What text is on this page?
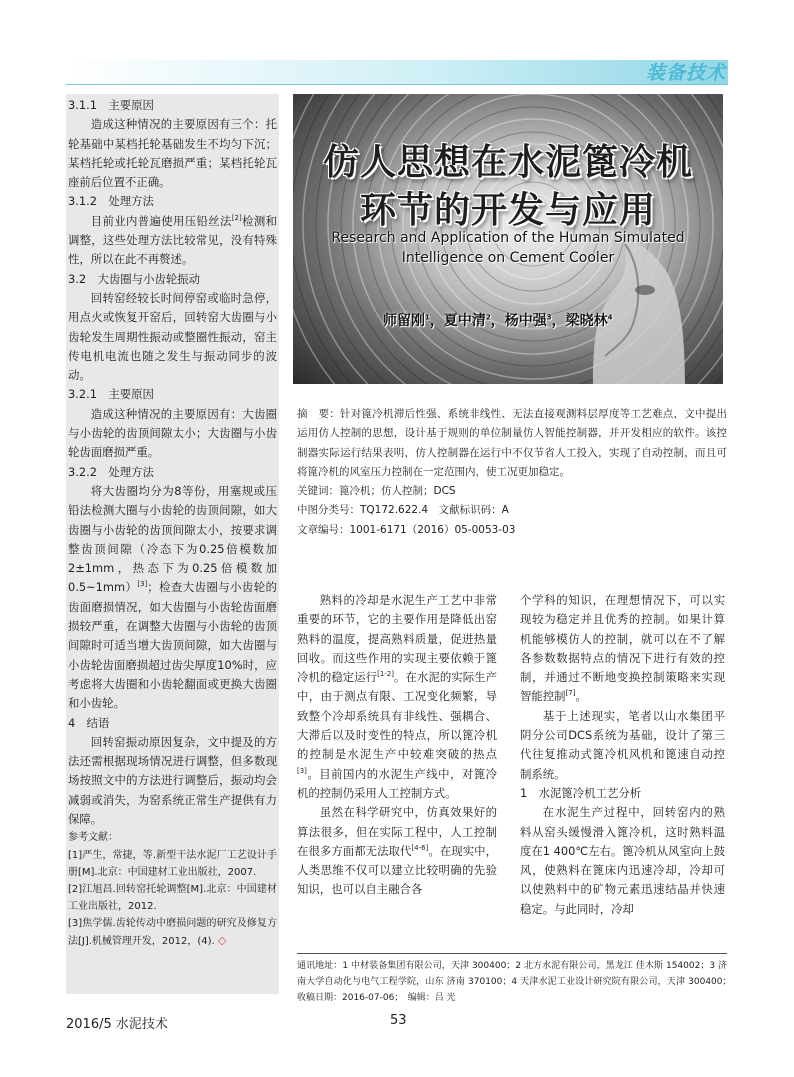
装备技术

3.1.1　主要原因

造成这种情况的主要原因有三个：托轮基础中某档托轮基础发生不均匀下沉；某档托轮或托轮瓦磨损严重；某档托轮瓦座前后位置不正确。

3.1.2　处理方法

目前业内普遍使用压铅丝法[2]检测和调整，这些处理方法比较常见，没有特殊性，所以在此不再赘述。

3.2　大齿圈与小齿轮振动

回转窑经较长时间停窑或临时急停，用点火或恢复开窑后，回转窑大齿圈与小齿轮发生周期性振动或整圈性振动，窑主传电机电流也随之发生与振动同步的波动。

3.2.1　主要原因

造成这种情况的主要原因有：大齿圈与小齿轮的齿顶间隙太小；大齿圈与小齿轮齿面磨损严重。

3.2.2　处理方法

将大齿圈均分为8等份，用塞规或压铅法检测大圈与小齿轮的齿顶间隙，如大齿圈与小齿轮的齿顶间隙太小，按要求调整齿顶间隙（冷态下为0.25倍模数加2±1mm，热态下为0.25倍模数加0.5~1mm）[3]；检查大齿圈与小齿轮的齿面磨损情况，如大齿圈与小齿轮齿面磨损较严重，在调整大齿圈与小齿轮的齿顶间隙时可适当增大齿顶间隙，如大齿圈与小齿轮齿面磨损超过齿尖厚度10%时，应考虑将大齿圈和小齿轮翻面或更换大齿圈和小齿轮。

4　结语

回转窑振动原因复杂，文中提及的方法还需根据现场情况进行调整，但多数现场按照文中的方法进行调整后，振动均会减弱或消失，为窑系统正常生产提供有力保障。

参考文献：

[1]严生，常捷，等.新型干法水泥厂工艺设计手册[M].北京：中国建材工业出版社，2007.

[2]江旭昌.回转窑托轮调整[M].北京：中国建材工业出版社，2012.

[3]焦学儒.齿轮传动中磨损问题的研究及修复方法[J].机械管理开发，2012，(4). ◇

仿人思想在水泥篦冷机
环节的开发与应用
Research and Application of the Human Simulated
Intelligence on Cement Cooler
师留刚$^1$，夏中清$^2$，杨中强$^3$，梁晓林$^4$

摘　要：针对篦冷机滞后性强、系统非线性、无法直接观测料层厚度等工艺难点，文中提出运用仿人控制的思想，设计基于规则的单位制量仿人智能控制器，并开发相应的软件。该控制器实际运行结果表明，仿人控制器在运行中不仅节省人工投入，实现了自动控制，而且可将篦冷机的风室压力控制在一定范围内，使工况更加稳定。

关键词：篦冷机；仿人控制；DCS

中图分类号：TQ172.622.4　 文献标识码：A

文章编号：1001-6171（2016）05-0053-03

熟料的冷却是水泥生产工艺中非常重要的环节，它的主要作用是降低出窑熟料的温度，提高熟料质量，促进热量回收。而这些作用的实现主要依赖于篦冷机的稳定运行[1-2]。在水泥的实际生产中，由于测点有限、工况变化频繁，导致整个冷却系统具有非线性、强耦合、大滞后以及时变性的特点，所以篦冷机的控制是水泥生产中较难突破的热点[3]。目前国内的水泥生产线中，对篦冷机的控制仍采用人工控制方式。

虽然在科学研究中，仿真效果好的算法很多，但在实际工程中，人工控制在很多方面都无法取代[4-6]。在现实中，人类思维不仅可以建立比较明确的先验知识，也可以自主融合各

个学科的知识，在理想情况下，可以实现较为稳定并且优秀的控制。如果计算机能够模仿人的控制，就可以在不了解各参数数据特点的情况下进行有效的控制，并通过不断地变换控制策略来实现智能控制[7]。

基于上述现实，笔者以山水集团平阴分公司DCS系统为基础，设计了第三代往复推动式篦冷机风机和篦速自动控制系统。

1　水泥篦冷机工艺分析

在水泥生产过程中，回转窑内的熟料从窑头缓慢滑入篦冷机，这时熟料温度在1 400℃左右。篦冷机从风室向上鼓风，使熟料在篦床内迅速冷却，冷却可以使熟料中的矿物元素迅速结晶并快速稳定。与此同时，冷却

通讯地址：1 中材装备集团有限公司，天津 300400；2 北方水泥有限公司，黑龙江 佳木斯 154002；3 济南大学自动化与电气工程学院，山东 济南 370100；4 天津水泥工业设计研究院有限公司，天津 300400；　收稿日期：2016-07-06；　编辑：吕 光
2016/5 水泥技术	53
